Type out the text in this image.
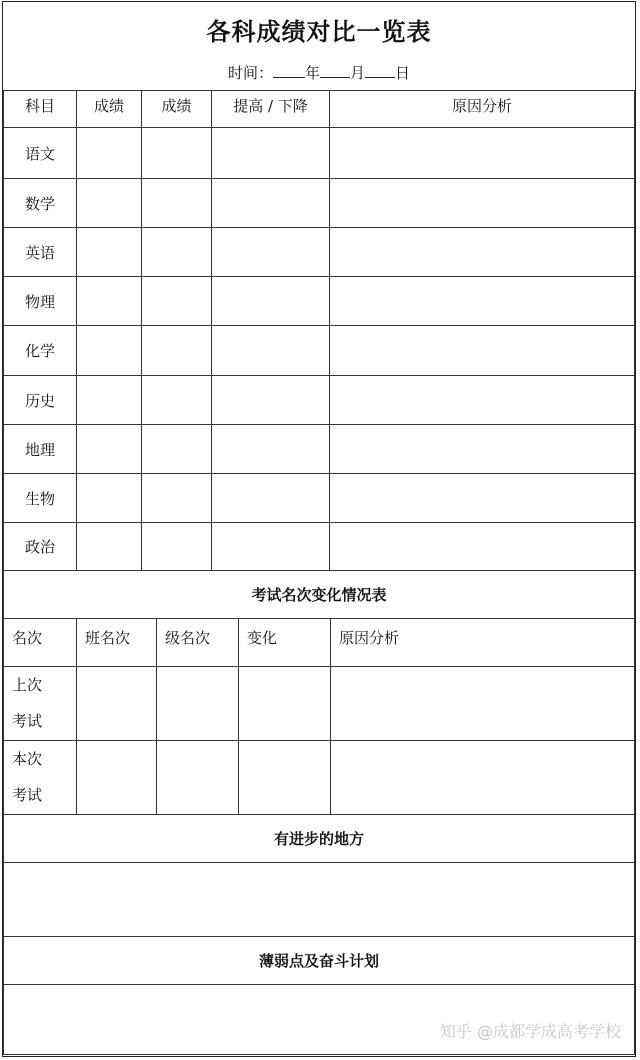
各科成绩对比一览表
时间： 年 月 日
科目	成绩	成绩	提高 / 下降	原因分析
语文				
数学				
英语				
物理				
化学				
历史				
地理				
生物				
政治				
考试名次变化情况表				
名次	班名次	级名次	变化	原因分析
上次
考试				
本次
考试				
有进步的地方				

薄弱点及奋斗计划				

知乎 @成都学成高考学校
